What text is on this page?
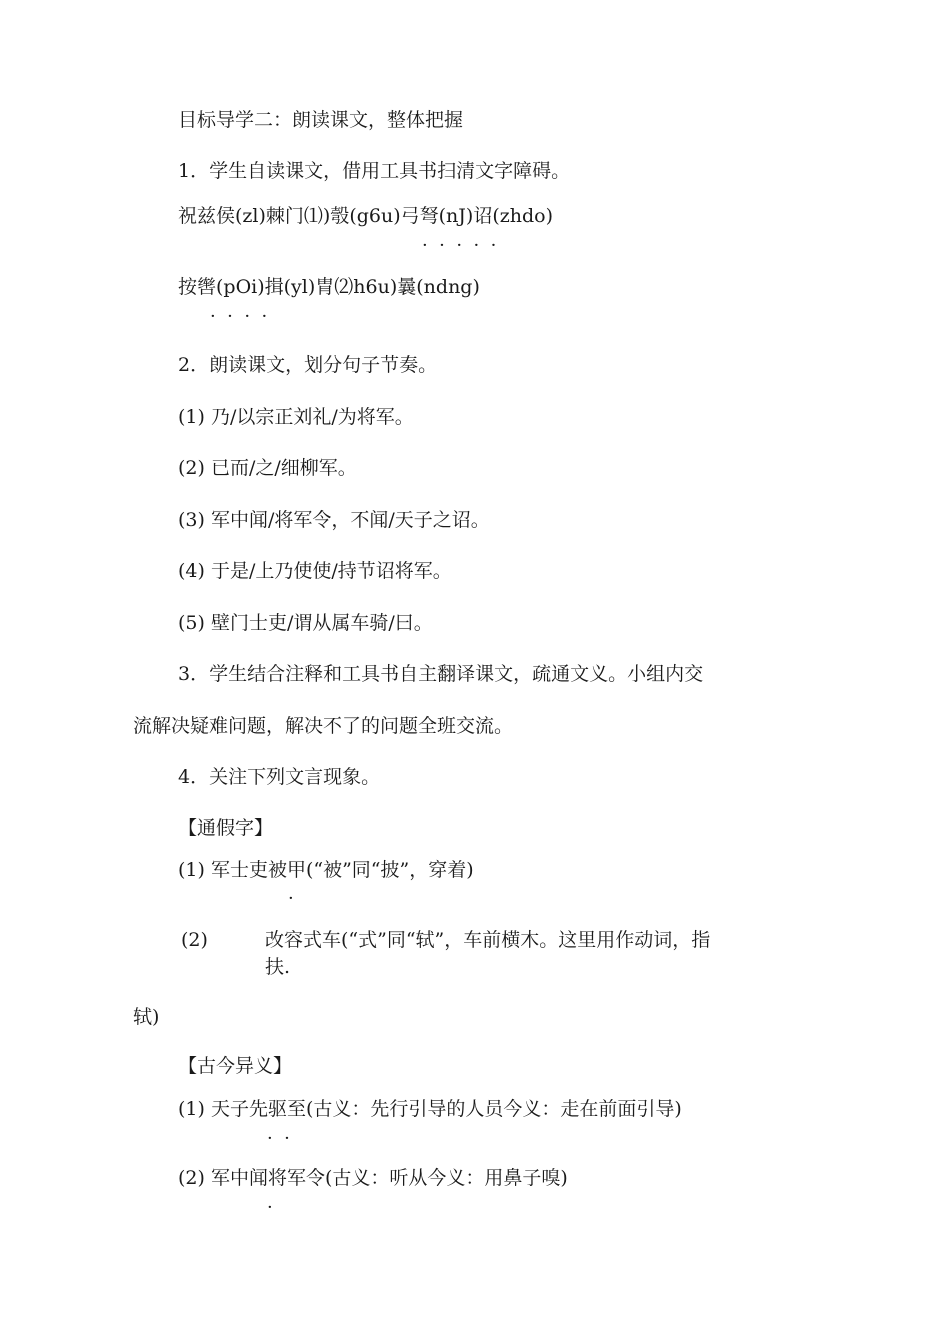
目标导学二：朗读课文，整体把握
1．学生自读课文，借用工具书扫清文字障碍。
祝兹侯(zl)棘门⑴)彀(g6u)弓弩(nJ)诏(zhdo)
·  ·  ·  ·  ·
按辔(pOi)揖(yl)胄⑵h6u)曩(ndng)
·  ·  ·  ·
2．朗读课文，划分句子节奏。
(1) 乃/以宗正刘礼/为将军。
(2) 已而/之/细柳军。
(3) 军中闻/将军令，不闻/天子之诏。
(4) 于是/上乃使使/持节诏将军。
(5) 壁门士吏/谓从属车骑/曰。
3．学生结合注释和工具书自主翻译课文，疏通文义。小组内交
流解决疑难问题，解决不了的问题全班交流。
4．关注下列文言现象。
【通假字】
(1) 军士吏被甲(“被”同“披”，穿着)
·
(2)	改容式车(“式”同“轼”，车前横木。这里用作动词，指
扶.
轼)
【古今异义】
(1) 天子先驱至(古义：先行引导的人员今义：走在前面引导)
·  ·
(2) 军中闻将军令(古义：听从今义：用鼻子嗅)
·
